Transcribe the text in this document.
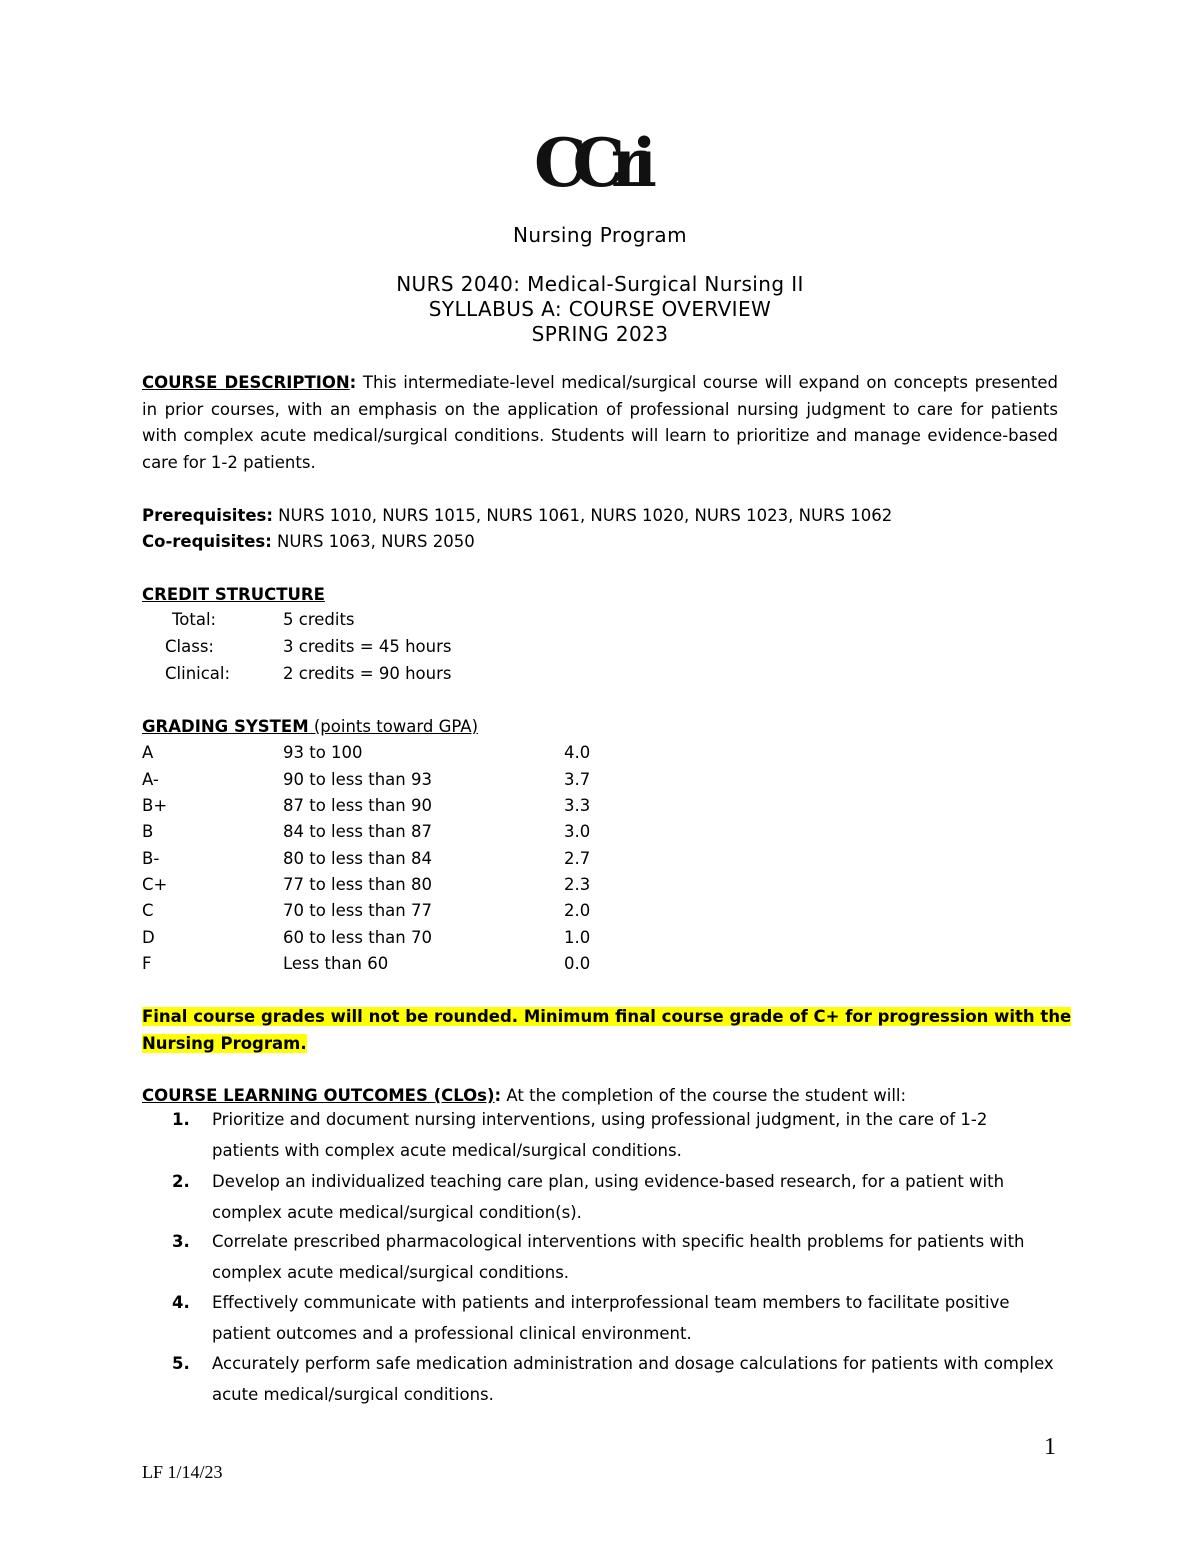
CCri
Nursing Program
NURS 2040: Medical-Surgical Nursing II
SYLLABUS A: COURSE OVERVIEW
SPRING 2023
COURSE DESCRIPTION: This intermediate-level medical/surgical course will expand on concepts presented in prior courses, with an emphasis on the application of professional nursing judgment to care for patients with complex acute medical/surgical conditions. Students will learn to prioritize and manage evidence-based care for 1-2 patients.
Prerequisites: NURS 1010, NURS 1015, NURS 1061, NURS 1020, NURS 1023, NURS 1062
Co-requisites: NURS 1063, NURS 2050
CREDIT STRUCTURE
Total:	5 credits
Class:	3 credits = 45 hours
Clinical:	2 credits = 90 hours
GRADING SYSTEM (points toward GPA)
A	93 to 100	4.0
A-	90 to less than 93	3.7
B+	87 to less than 90	3.3
B	84 to less than 87	3.0
B-	80 to less than 84	2.7
C+	77 to less than 80	2.3
C	70 to less than 77	2.0
D	60 to less than 70	1.0
F	Less than 60	0.0
Final course grades will not be rounded. Minimum final course grade of C+ for progression with the
Nursing Program.
COURSE LEARNING OUTCOMES (CLOs): At the completion of the course the student will:
1. Prioritize and document nursing interventions, using professional judgment, in the care of 1-2 patients with complex acute medical/surgical conditions.
2. Develop an individualized teaching care plan, using evidence-based research, for a patient with complex acute medical/surgical condition(s).
3. Correlate prescribed pharmacological interventions with specific health problems for patients with complex acute medical/surgical conditions.
4. Effectively communicate with patients and interprofessional team members to facilitate positive patient outcomes and a professional clinical environment.
5. Accurately perform safe medication administration and dosage calculations for patients with complex acute medical/surgical conditions.
1
LF 1/14/23
